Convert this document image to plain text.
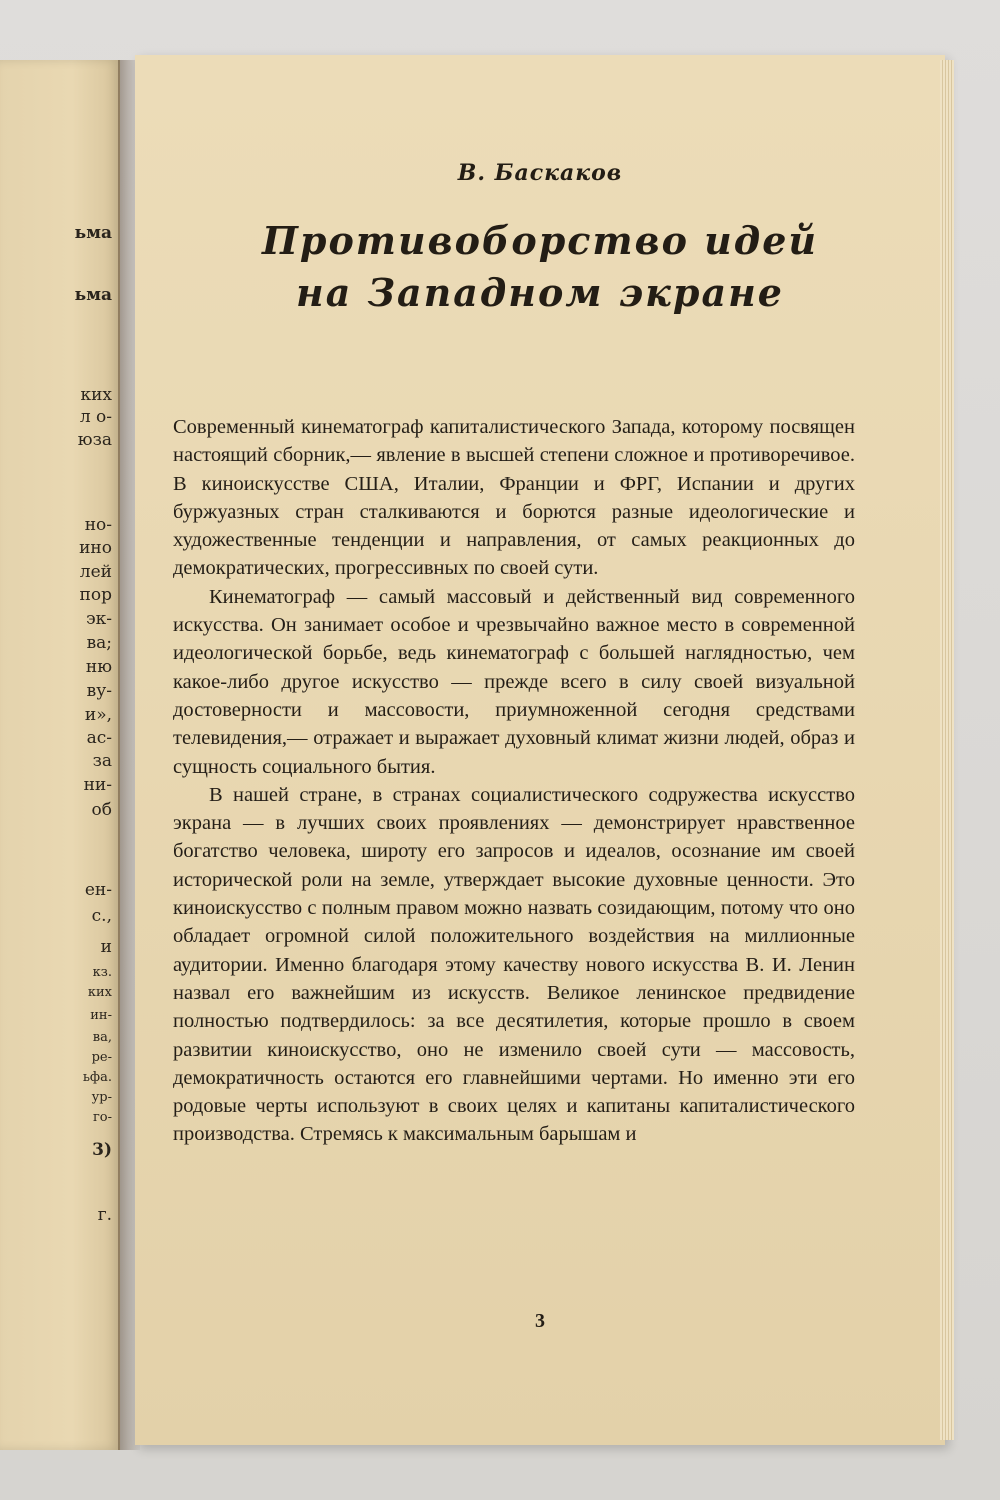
ьма
ьма
ких
л о-
юза
но-
ино
лей
пор
эк-
ва;
ню
ву-
и»,
ас-
за
ни-
об
ен-
с.,
и
кз.
ких
ин-
ва,
ре-
ьфа.
ур-
го-
3)
г.
В. Баскаков
Противоборство идей
на Западном экране

Современный кинематограф капиталистического Запада, которому посвящен настоящий сборник,— явление в высшей степени сложное и противоречивое. В киноискусстве США, Италии, Франции и ФРГ, Испании и других буржуазных стран сталкиваются и борются разные идеологические и художественные тенденции и направления, от самых реакционных до демократических, прогрессивных по своей сути.

Кинематограф — самый массовый и действенный вид современного искусства. Он занимает особое и чрезвычайно важное место в современной идеологической борьбе, ведь кинематограф с большей наглядностью, чем какое-либо другое искусство — прежде всего в силу своей визуальной достоверности и массовости, приумноженной сегодня средствами телевидения,— отражает и выражает духовный климат жизни людей, образ и сущность социального бытия.

В нашей стране, в странах социалистического содружества искусство экрана — в лучших своих проявлениях — демонстрирует нравственное богатство человека, широту его запросов и идеалов, осознание им своей исторической роли на земле, утверждает высокие духовные ценности. Это киноискусство с полным правом можно назвать созидающим, потому что оно обладает огромной силой положительного воздействия на миллионные аудитории. Именно благодаря этому качеству нового искусства В. И. Ленин назвал его важнейшим из искусств. Великое ленинское предвидение полностью подтвердилось: за все десятилетия, которые прошло в своем развитии киноискусство, оно не изменило своей сути — массовость, демократичность остаются его главнейшими чертами. Но именно эти его родовые черты используют в своих целях и капитаны капиталистического производства. Стремясь к максимальным барышам и

3
